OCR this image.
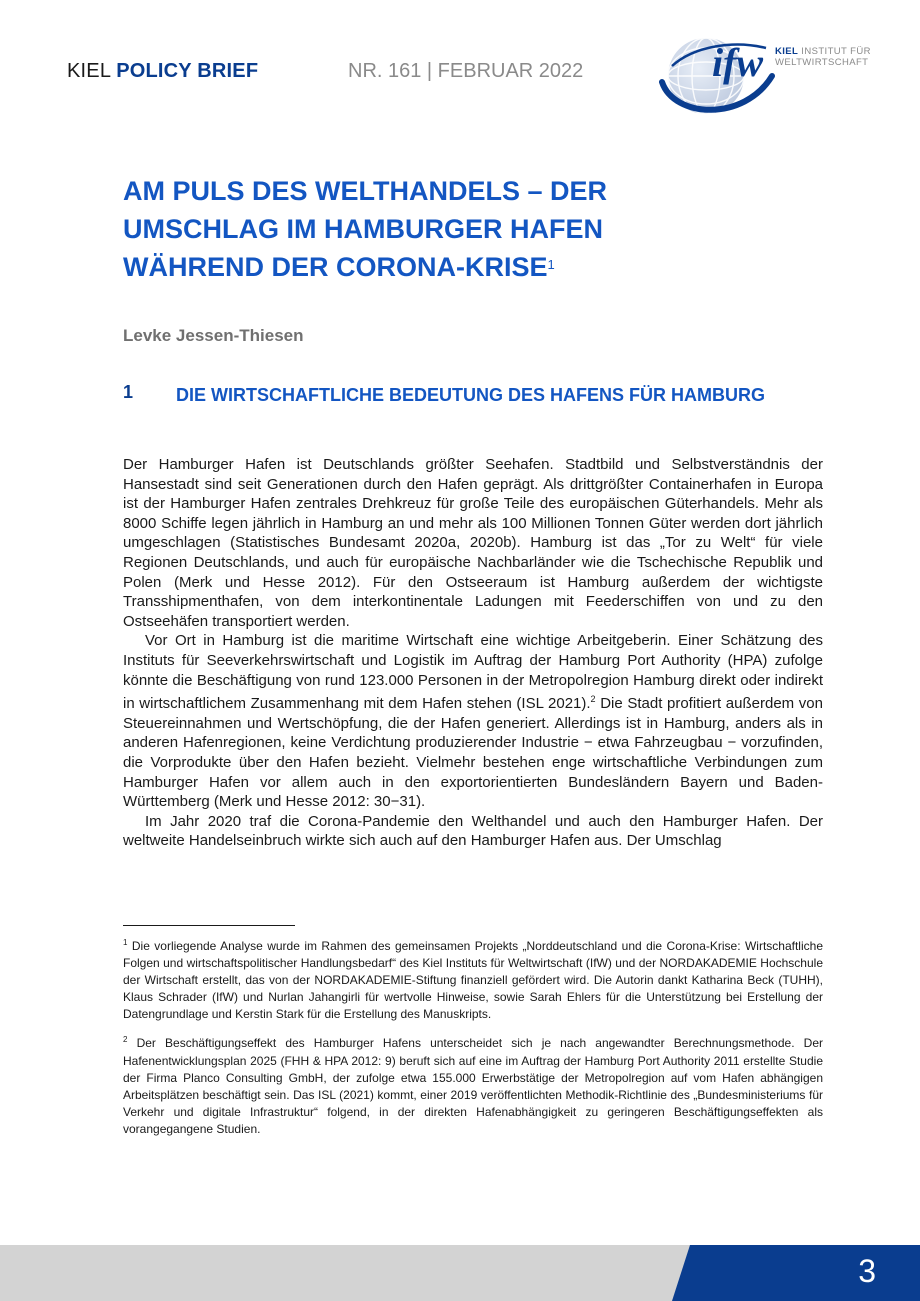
KIEL POLICY BRIEF	NR. 161 | FEBRUAR 2022	ifw KIEL INSTITUT FÜR
WELTWIRTSCHAFT
AM PULS DES WELTHANDELS – DER
UMSCHLAG IM HAMBURGER HAFEN
WÄHREND DER CORONA-KRISE$^1$
Levke Jessen-Thiesen
1 DIE WIRTSCHAFTLICHE BEDEUTUNG DES HAFENS FÜR HAMBURG

Der Hamburger Hafen ist Deutschlands größter Seehafen. Stadtbild und Selbstverständnis der Hansestadt sind seit Generationen durch den Hafen geprägt. Als drittgrößter Containerhafen in Europa ist der Hamburger Hafen zentrales Drehkreuz für große Teile des europäischen Güterhandels. Mehr als 8000 Schiffe legen jährlich in Hamburg an und mehr als 100 Millionen Tonnen Güter werden dort jährlich umgeschlagen (Statistisches Bundesamt 2020a, 2020b). Hamburg ist das „Tor zu Welt“ für viele Regionen Deutschlands, und auch für europäische Nachbarländer wie die Tschechische Republik und Polen (Merk und Hesse 2012). Für den Ostseeraum ist Hamburg außerdem der wichtigste Transshipmenthafen, von dem interkontinentale Ladungen mit Feederschiffen von und zu den Ostseehäfen transportiert werden.

Vor Ort in Hamburg ist die maritime Wirtschaft eine wichtige Arbeitgeberin. Einer Schätzung des Instituts für Seeverkehrswirtschaft und Logistik im Auftrag der Hamburg Port Authority (HPA) zufolge könnte die Beschäftigung von rund 123.000 Personen in der Metropolregion Hamburg direkt oder indirekt in wirtschaftlichem Zusammenhang mit dem Hafen stehen (ISL 2021).$^2$ Die Stadt profitiert außerdem von Steuereinnahmen und Wertschöpfung, die der Hafen generiert. Allerdings ist in Hamburg, anders als in anderen Hafenregionen, keine Verdichtung produzierender Industrie − etwa Fahrzeugbau − vorzufinden, die Vorprodukte über den Hafen bezieht. Vielmehr bestehen enge wirtschaftliche Verbindungen zum Hamburger Hafen vor allem auch in den exportorientierten Bundesländern Bayern und Baden-Württemberg (Merk und Hesse 2012: 30−31).

Im Jahr 2020 traf die Corona-Pandemie den Welthandel und auch den Hamburger Hafen. Der weltweite Handelseinbruch wirkte sich auch auf den Hamburger Hafen aus. Der Umschlag

$^1$ Die vorliegende Analyse wurde im Rahmen des gemeinsamen Projekts „Norddeutschland und die Corona-Krise: Wirtschaftliche Folgen und wirtschaftspolitischer Handlungsbedarf“ des Kiel Instituts für Weltwirtschaft (IfW) und der NORDAKADEMIE Hochschule der Wirtschaft erstellt, das von der NORDAKADEMIE-Stiftung finanziell gefördert wird. Die Autorin dankt Katharina Beck (TUHH), Klaus Schrader (IfW) und Nurlan Jahangirli für wertvolle Hinweise, sowie Sarah Ehlers für die Unterstützung bei Erstellung der Datengrundlage und Kerstin Stark für die Erstellung des Manuskripts.

$^2$ Der Beschäftigungseffekt des Hamburger Hafens unterscheidet sich je nach angewandter Berechnungsmethode. Der Hafenentwicklungsplan 2025 (FHH & HPA 2012: 9) beruft sich auf eine im Auftrag der Hamburg Port Authority 2011 erstellte Studie der Firma Planco Consulting GmbH, der zufolge etwa 155.000 Erwerbstätige der Metropolregion auf vom Hafen abhängigen Arbeitsplätzen beschäftigt sein. Das ISL (2021) kommt, einer 2019 veröffentlichten Methodik-Richtlinie des „Bundesministeriums für Verkehr und digitale Infrastruktur“ folgend, in der direkten Hafenabhängigkeit zu geringeren Beschäftigungseffekten als vorangegangene Studien.

3
